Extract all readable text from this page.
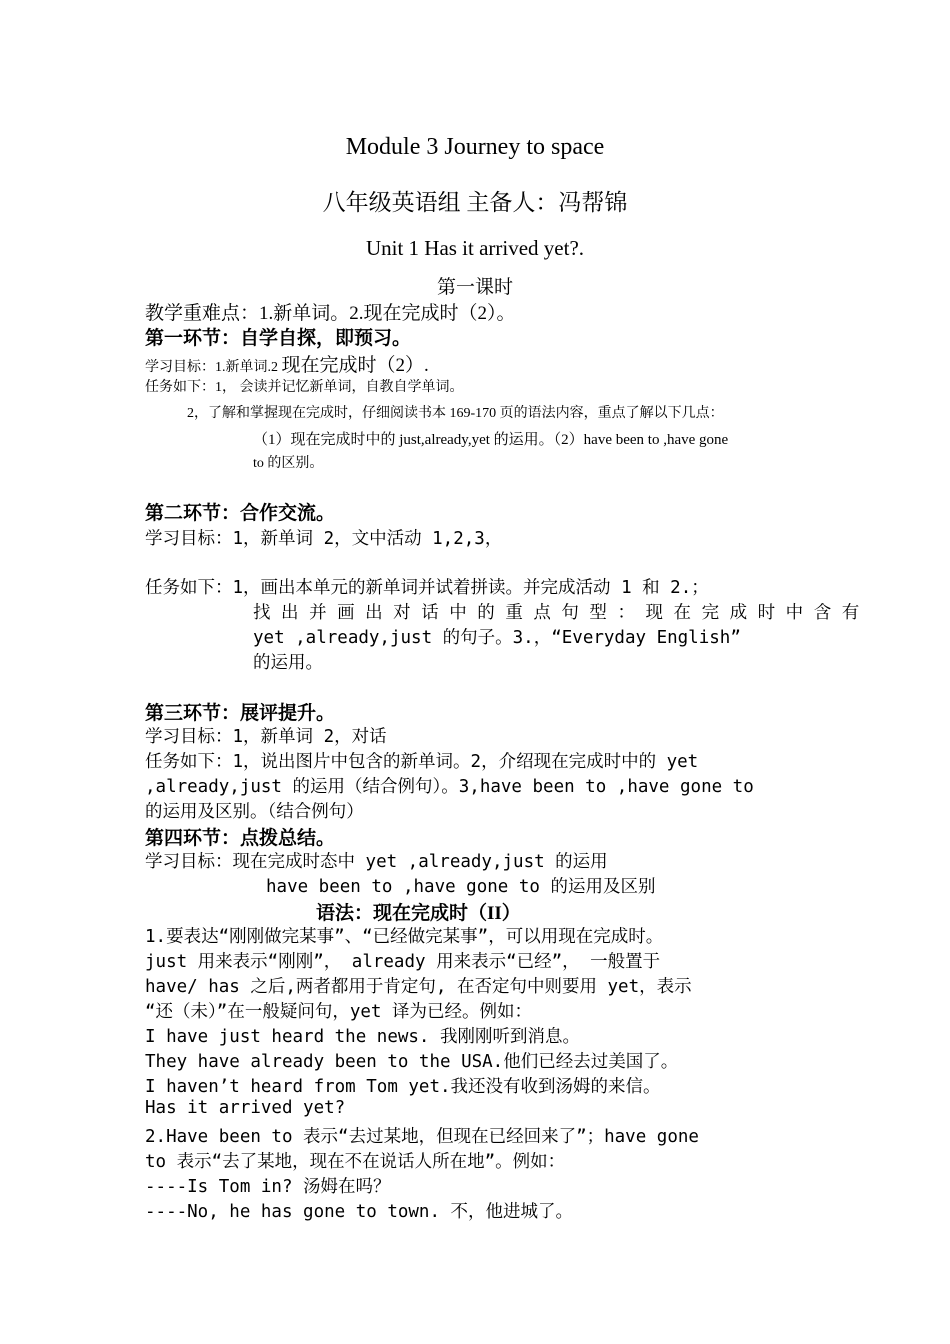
Module 3 Journey to space
八年级英语组 主备人：冯帮锦
Unit 1 Has it arrived yet?.
第一课时
教学重难点：1.新单词。2.现在完成时（2）。
第一环节：自学自探，即预习。
学习目标：1.新单词.2 现在完成时（2）.
任务如下：1， 会读并记忆新单词，自教自学单词。
2，了解和掌握现在完成时，仔细阅读书本 169-170 页的语法内容，重点了解以下几点：
（1）现在完成时中的 just,already,yet 的运用。（2）have been to ,have gone
to 的区别。
第二环节：合作交流。
学习目标：1，新单词 2，文中活动 1,2,3，
任务如下：1，画出本单元的新单词并试着拼读。并完成活动 1 和 2.；
找 出 并 画 出 对 话 中 的 重 点 句 型 ： 现 在 完 成 时 中 含 有
yet ,already,just 的句子。3.，“Everyday English”
的运用。
第三环节：展评提升。
学习目标：1，新单词 2，对话
任务如下：1，说出图片中包含的新单词。2，介绍现在完成时中的 yet
,already,just 的运用（结合例句）。3,have been to ,have gone to
的运用及区别。（结合例句）
第四环节：点拨总结。
学习目标：现在完成时态中 yet ,already,just 的运用
have been to ,have gone to 的运用及区别
语法：现在完成时（II）
1.要表达“刚刚做完某事”、“已经做完某事”，可以用现在完成时。
just 用来表示“刚刚”， already 用来表示“已经”， 一般置于
have/ has 之后,两者都用于肯定句, 在否定句中则要用 yet，表示
“还（未）”在一般疑问句，yet 译为已经。例如：
I have just heard the news. 我刚刚听到消息。
They have already been to the USA.他们已经去过美国了。
I haven’t heard from Tom yet.我还没有收到汤姆的来信。
Has it arrived yet?
2.Have been to 表示“去过某地，但现在已经回来了”；have gone
to 表示“去了某地，现在不在说话人所在地”。例如：
----Is Tom in? 汤姆在吗？
----No, he has gone to town. 不，他进城了。
